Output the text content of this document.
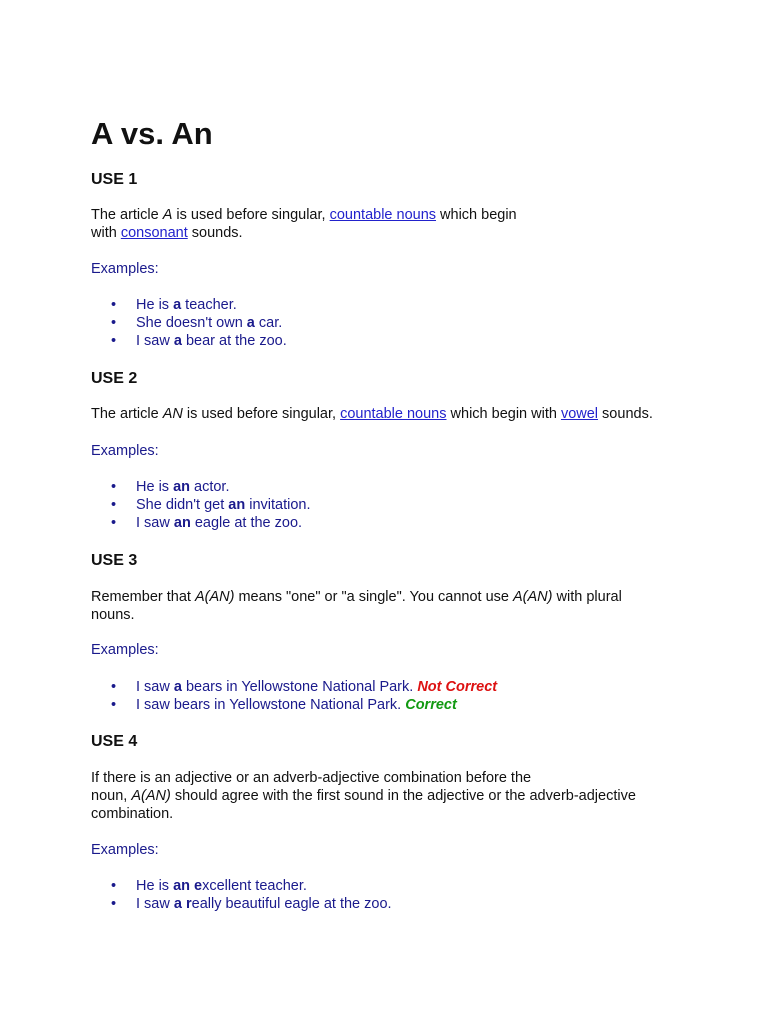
A vs. An
USE 1

The article A is used before singular, countable nouns which begin
with consonant sounds.

Examples:

• He is a teacher.
• She doesn't own a car.
• I saw a bear at the zoo.
USE 2

The article AN is used before singular, countable nouns which begin with vowel sounds.

Examples:

• He is an actor.
• She didn't get an invitation.
• I saw an eagle at the zoo.
USE 3

Remember that A(AN) means "one" or "a single". You cannot use A(AN) with plural
nouns.

Examples:

• I saw a bears in Yellowstone National Park. Not Correct
• I saw bears in Yellowstone National Park. Correct
USE 4

If there is an adjective or an adverb-adjective combination before the
noun, A(AN) should agree with the first sound in the adjective or the adverb-adjective
combination.

Examples:

• He is an excellent teacher.
• I saw a really beautiful eagle at the zoo.
